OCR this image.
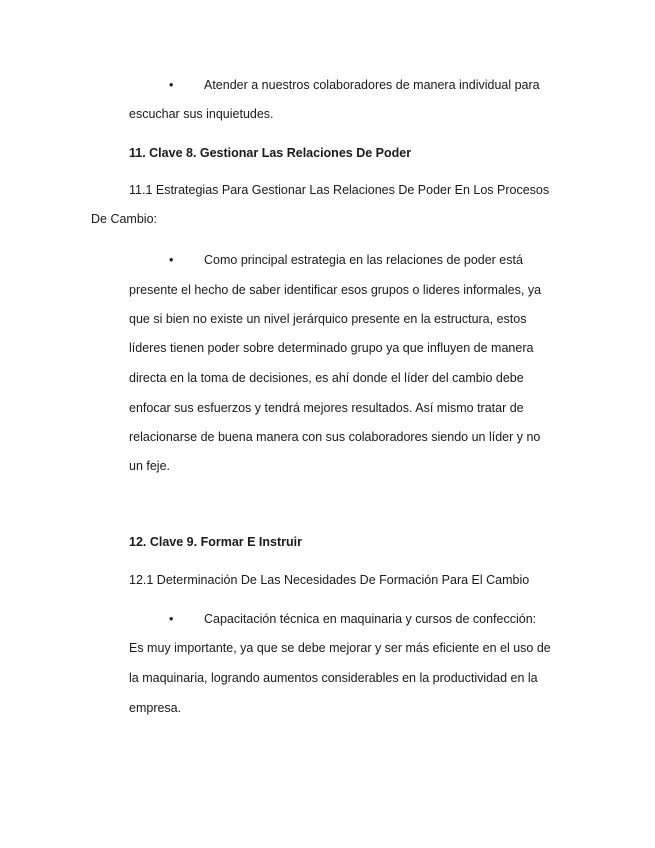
• Atender a nuestros colaboradores de manera individual para
escuchar sus inquietudes.
11. Clave 8. Gestionar Las Relaciones De Poder
11.1 Estrategias Para Gestionar Las Relaciones De Poder En Los Procesos
De Cambio:
• Como principal estrategia en las relaciones de poder está
presente el hecho de saber identificar esos grupos o lideres informales, ya
que si bien no existe un nivel jerárquico presente en la estructura, estos
líderes tienen poder sobre determinado grupo ya que influyen de manera
directa en la toma de decisiones, es ahí donde el líder del cambio debe
enfocar sus esfuerzos y tendrá mejores resultados. Así mismo tratar de
relacionarse de buena manera con sus colaboradores siendo un líder y no
un feje.
12. Clave 9. Formar E Instruir
12.1 Determinación De Las Necesidades De Formación Para El Cambio
• Capacitación técnica en maquinaria y cursos de confección:
Es muy importante, ya que se debe mejorar y ser más eficiente en el uso de
la maquinaria, logrando aumentos considerables en la productividad en la
empresa.
